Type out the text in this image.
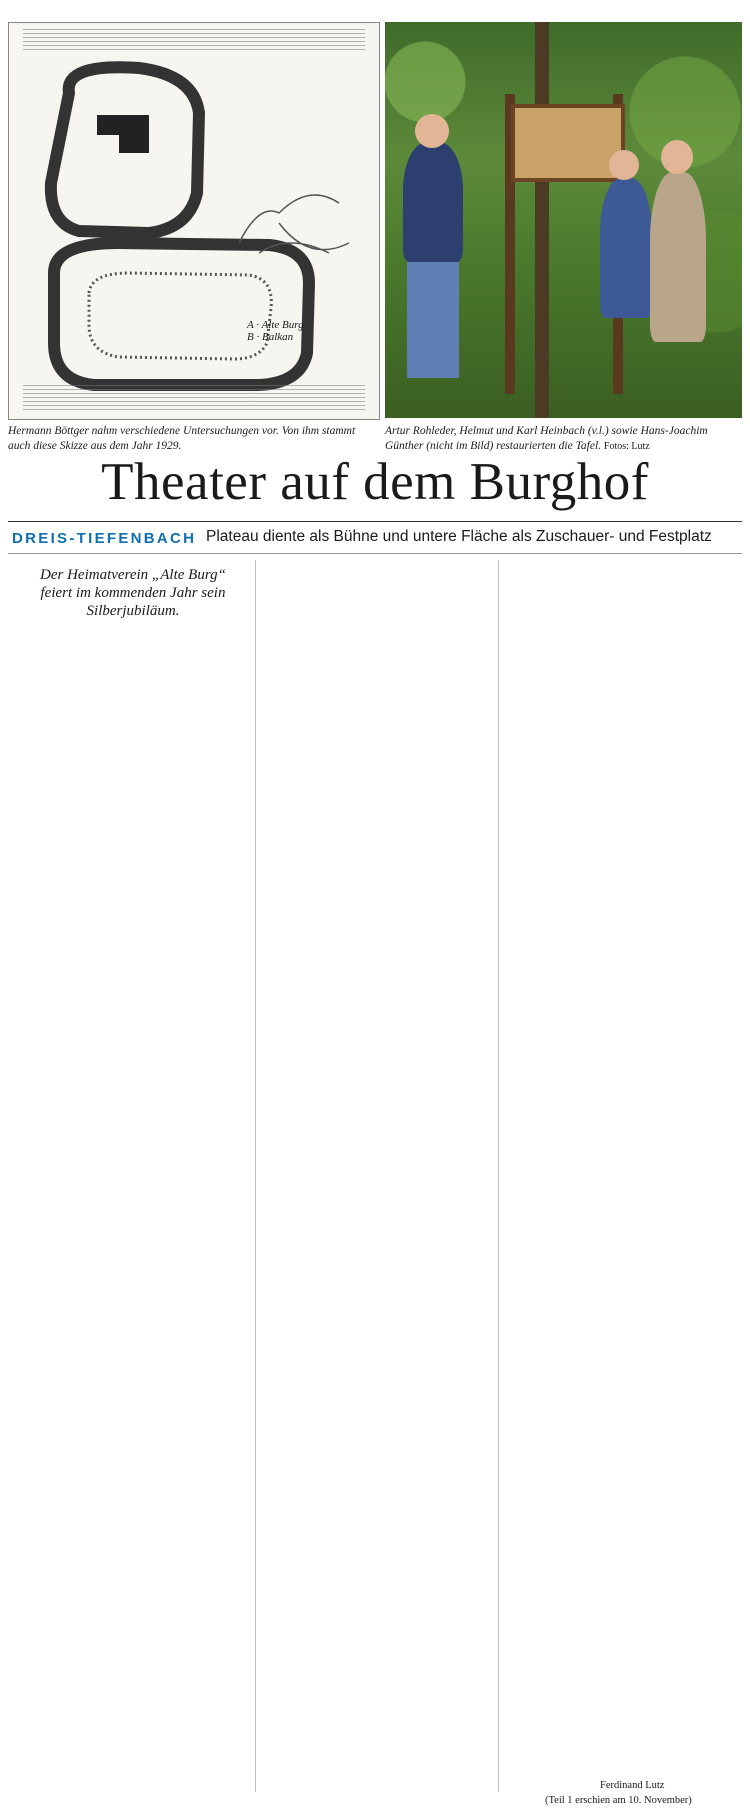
A · Alte Burg
B · Balkan
Hermann Böttger nahm verschiedene Untersuchungen vor. Von ihm stammt auch diese Skizze aus dem Jahr 1929.
Artur Rohleder, Helmut und Karl Heinbach (v.l.) sowie Hans-Joachim Günther (nicht im Bild) restaurierten die Tafel. Fotos: Lutz
Theater auf dem Burghof
DREIS-TIEFENBACH Plateau diente als Bühne und untere Fläche als Zuschauer- und Festplatz
Der Heimatverein „Alte Burg“ feiert im kommenden Jahr sein Silberjubiläum.
Ferdinand Lutz
(Teil 1 erschien am 10. November)
